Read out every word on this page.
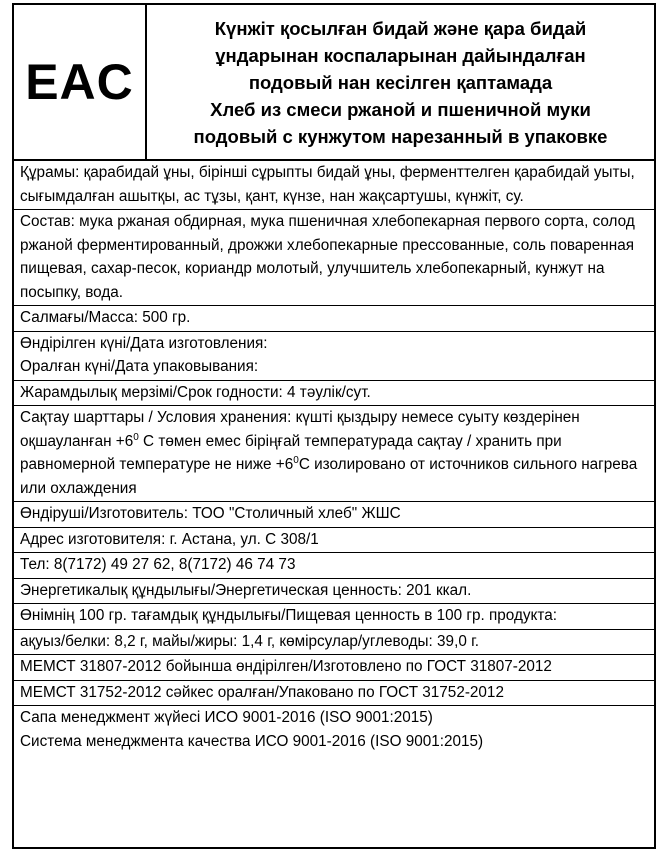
EAC
Күнжіт қосылған бидай және қара бидай
ұндарынан коспаларынан дайындалған
подовый нан кесілген қаптамада
Хлеб из смеси ржаной и пшеничной муки
подовый с кунжутом нарезанный в упаковке
Құрамы: қарабидай ұны, бірінші сұрыпты бидай ұны, ферменттелген қарабидай уыты, сығымдалған ашытқы, ас тұзы, қант, күнзе, нан жақсартушы, күнжіт, су.
Состав: мука ржаная обдирная, мука пшеничная хлебопекарная первого сорта, солод ржаной ферментированный, дрожжи хлебопекарные прессованные, соль поваренная пищевая, сахар-песок, кориандр молотый, улучшитель хлебопекарный, кунжут на посыпку, вода.
Салмағы/Масса: 500 гр.
Өндірілген күні/Дата изготовления:
Оралған күні/Дата упаковывания:
Жарамдылық мерзімі/Срок годности: 4 тәулік/сут.
Сақтау шарттары / Условия хранения: күшті қыздыру немесе суыту көздерінен оқшауланған $+6^0$ С төмен емес біріңғай температурада сақтау / хранить при равномерной температуре не ниже $+6^0С$ изолировано от источников сильного нагрева или охлаждения
Өндіруші/Изготовитель: ТОО "Столичный хлеб" ЖШС
Адрес изготовителя: г. Астана, ул. С 308/1
Тел: 8(7172) 49 27 62, 8(7172) 46 74 73
Энергетикалық құндылығы/Энергетическая ценность: 201 ккал.
Өнімнің 100 гр. тағамдық құндылығы/Пищевая ценность в 100 гр. продукта:
ақуыз/белки: 8,2 г, майы/жиры: 1,4 г, көмірсулар/углеводы: 39,0 г.
МЕМСТ 31807-2012 бойынша өндірілген/Изготовлено по ГОСТ 31807-2012
МЕМСТ 31752-2012 сәйкес оралған/Упаковано по ГОСТ 31752-2012
Сапа менеджмент жүйесі ИСО 9001-2016 (ISO 9001:2015)
Система менеджмента качества ИСО 9001-2016 (ISO 9001:2015)
